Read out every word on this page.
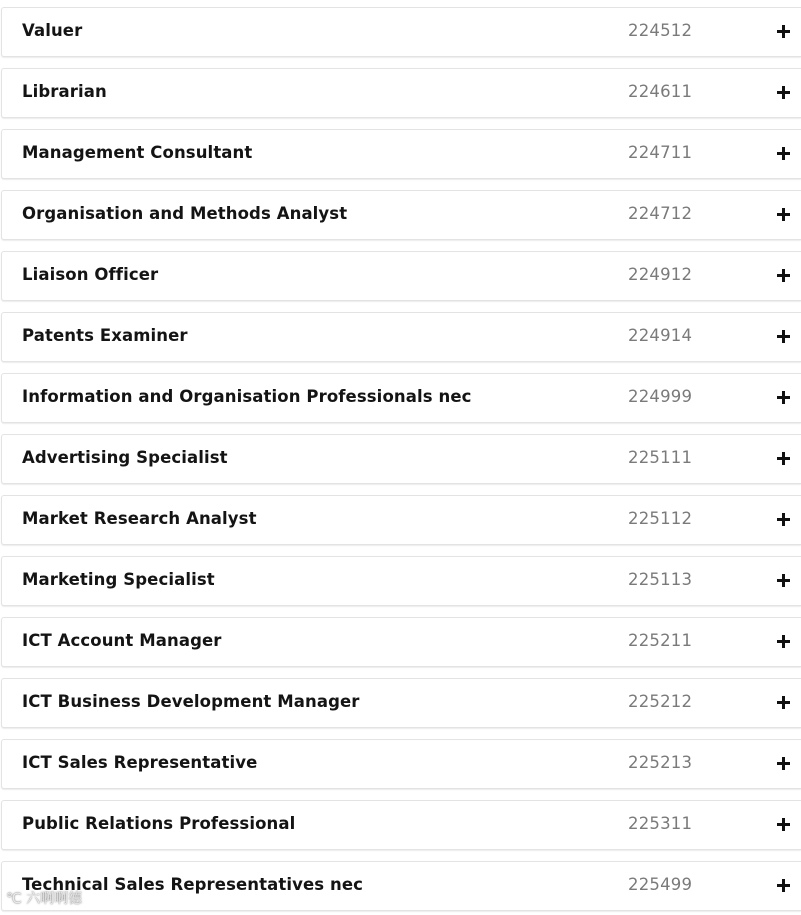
Valuer	224512
Librarian	224611
Management Consultant	224711
Organisation and Methods Analyst	224712
Liaison Officer	224912
Patents Examiner	224914
Information and Organisation Professionals nec	224999
Advertising Specialist	225111
Market Research Analyst	225112
Marketing Specialist	225113
ICT Account Manager	225211
ICT Business Development Manager	225212
ICT Sales Representative	225213
Public Relations Professional	225311
Technical Sales Representatives nec	225499
℃ 六啊啊德
